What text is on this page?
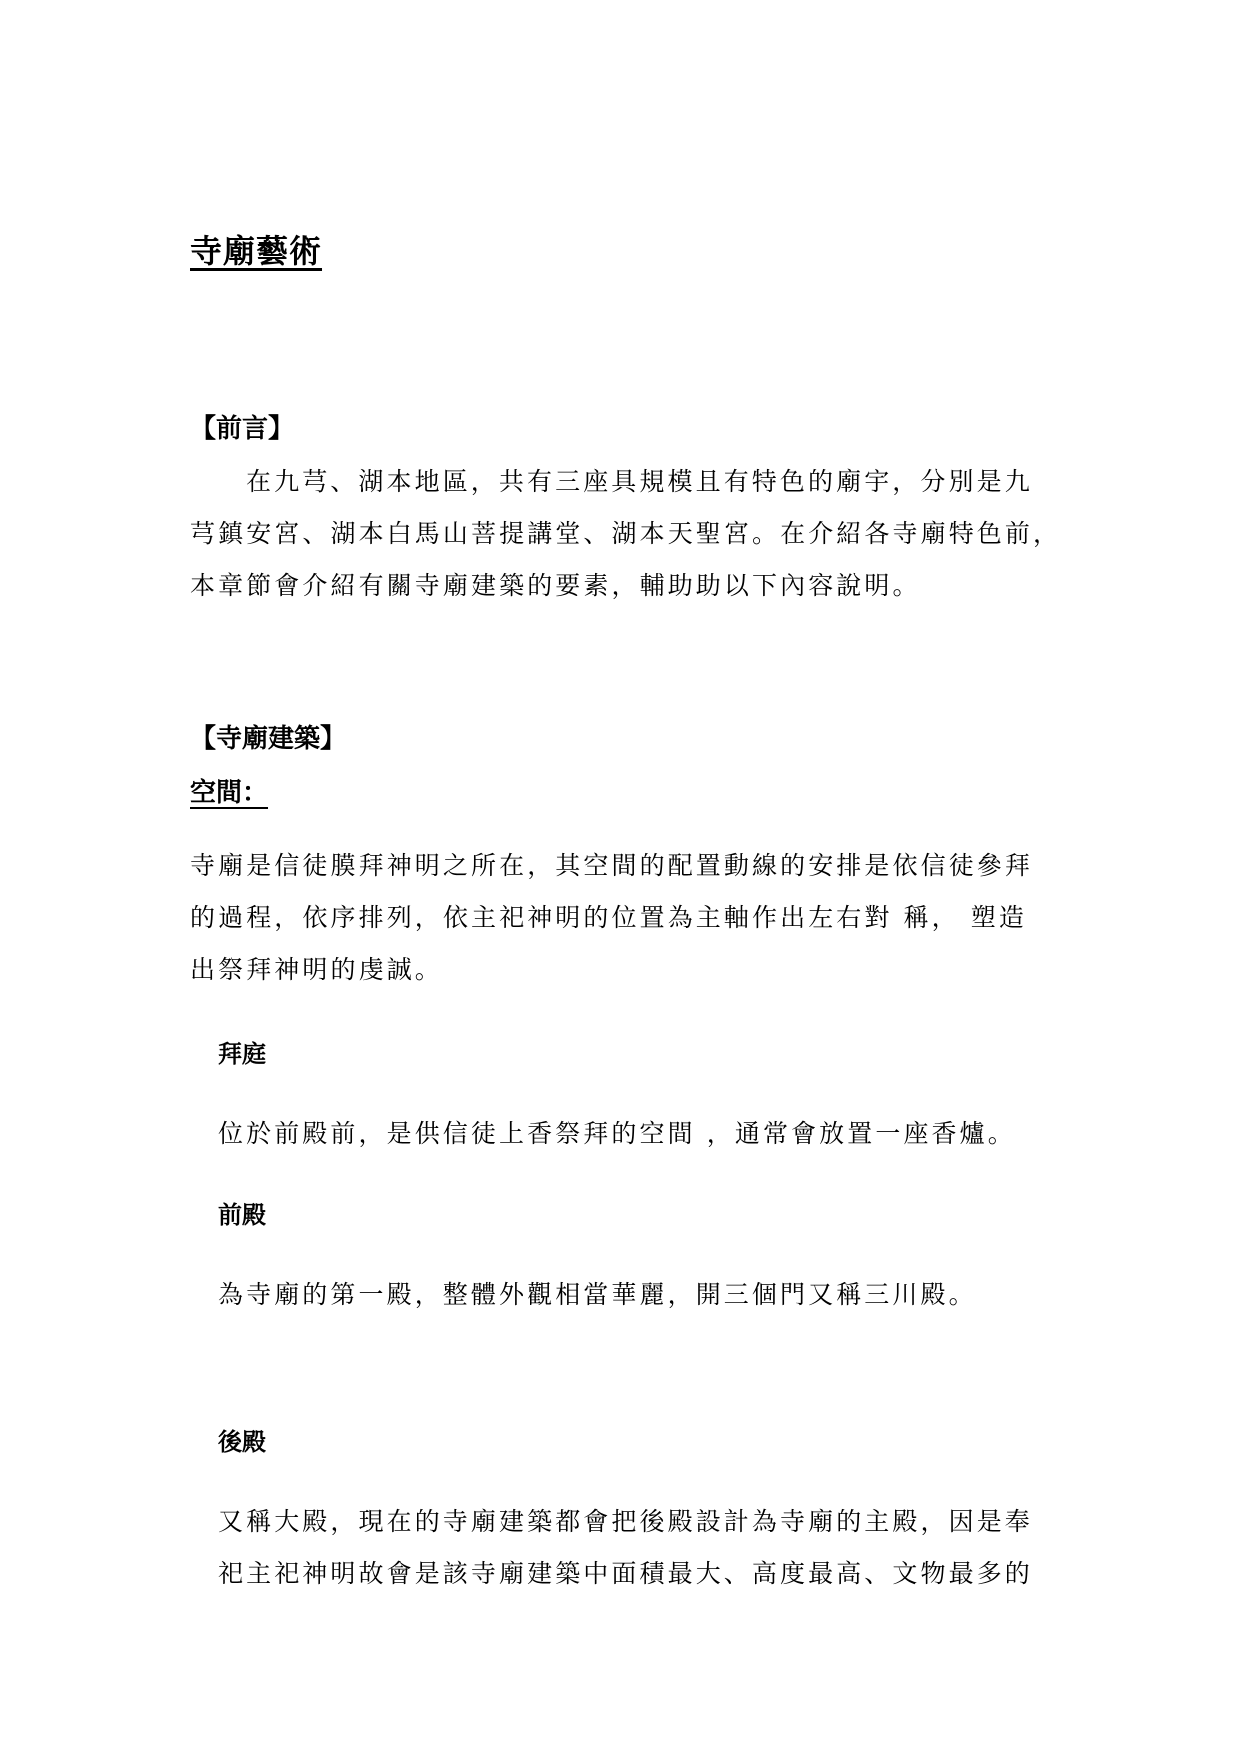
寺廟藝術
【前言】
在九芎、湖本地區，共有三座具規模且有特色的廟宇，分別是九
芎鎮安宮、湖本白馬山菩提講堂、湖本天聖宮。在介紹各寺廟特色前，
本章節會介紹有關寺廟建築的要素，輔助助以下內容說明。
【寺廟建築】
空間：
寺廟是信徒膜拜神明之所在，其空間的配置動線的安排是依信徒參拜
的過程，依序排列，依主祀神明的位置為主軸作出左右對 稱， 塑造
出祭拜神明的虔誠。
拜庭
位於前殿前，是供信徒上香祭拜的空間 ，通常會放置一座香爐。
前殿
為寺廟的第一殿，整體外觀相當華麗，開三個門又稱三川殿。
後殿
又稱大殿，現在的寺廟建築都會把後殿設計為寺廟的主殿，因是奉
祀主祀神明故會是該寺廟建築中面積最大、高度最高、文物最多的
